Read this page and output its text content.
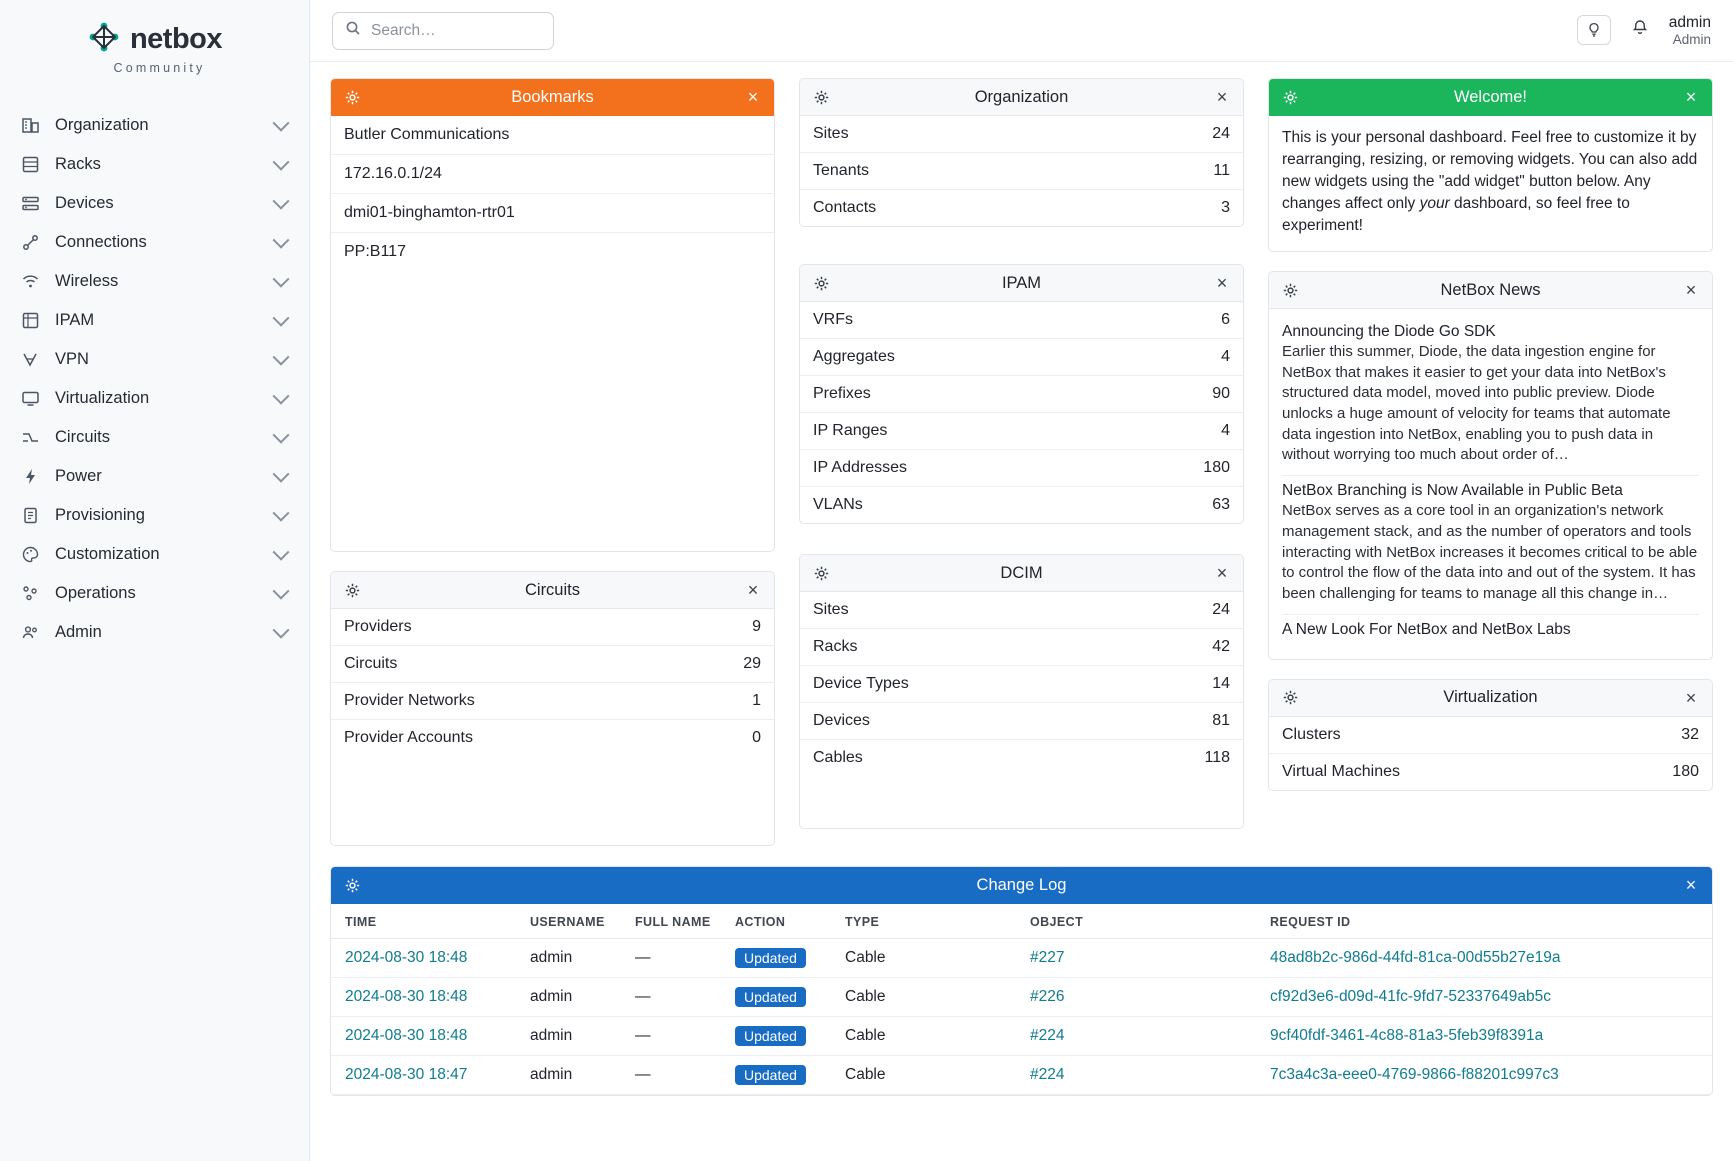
netbox
Community
Organization
Racks
Devices
Connections
Wireless
IPAM
VPN
Virtualization
Circuits
Power
Provisioning
Customization
Operations
Admin
Search…
admin
Admin
Bookmarks	×
Butler Communications
172.16.0.1/24
dmi01-binghamton-rtr01
PP:B117
Circuits	×
Providers	9
Circuits	29
Provider Networks	1
Provider Accounts	0
Organization	×
Sites	24
Tenants	11
Contacts	3
IPAM	×
VRFs	6
Aggregates	4
Prefixes	90
IP Ranges	4
IP Addresses	180
VLANs	63
DCIM	×
Sites	24
Racks	42
Device Types	14
Devices	81
Cables	118
Welcome!	×
This is your personal dashboard. Feel free to customize it by rearranging, resizing, or removing widgets. You can also add new widgets using the "add widget" button below. Any changes affect only your dashboard, so feel free to experiment!
NetBox News	×
Announcing the Diode Go SDK
Earlier this summer, Diode, the data ingestion engine for NetBox that makes it easier to get your data into NetBox's structured data model, moved into public preview. Diode unlocks a huge amount of velocity for teams that automate data ingestion into NetBox, enabling you to push data in without worrying too much about order of…
NetBox Branching is Now Available in Public Beta
NetBox serves as a core tool in an organization's network management stack, and as the number of operators and tools interacting with NetBox increases it becomes critical to be able to control the flow of the data into and out of the system. It has been challenging for teams to manage all this change in…
A New Look For NetBox and NetBox Labs
Virtualization	×
Clusters	32
Virtual Machines	180
Change Log	×
TIME	USERNAME	FULL NAME	ACTION	TYPE	OBJECT	REQUEST ID
2024-08-30 18:48	admin	—	Updated	Cable	#227	48ad8b2c-986d-44fd-81ca-00d55b27e19a
2024-08-30 18:48	admin	—	Updated	Cable	#226	cf92d3e6-d09d-41fc-9fd7-52337649ab5c
2024-08-30 18:48	admin	—	Updated	Cable	#224	9cf40fdf-3461-4c88-81a3-5feb39f8391a
2024-08-30 18:47	admin	—	Updated	Cable	#224	7c3a4c3a-eee0-4769-9866-f88201c997c3
